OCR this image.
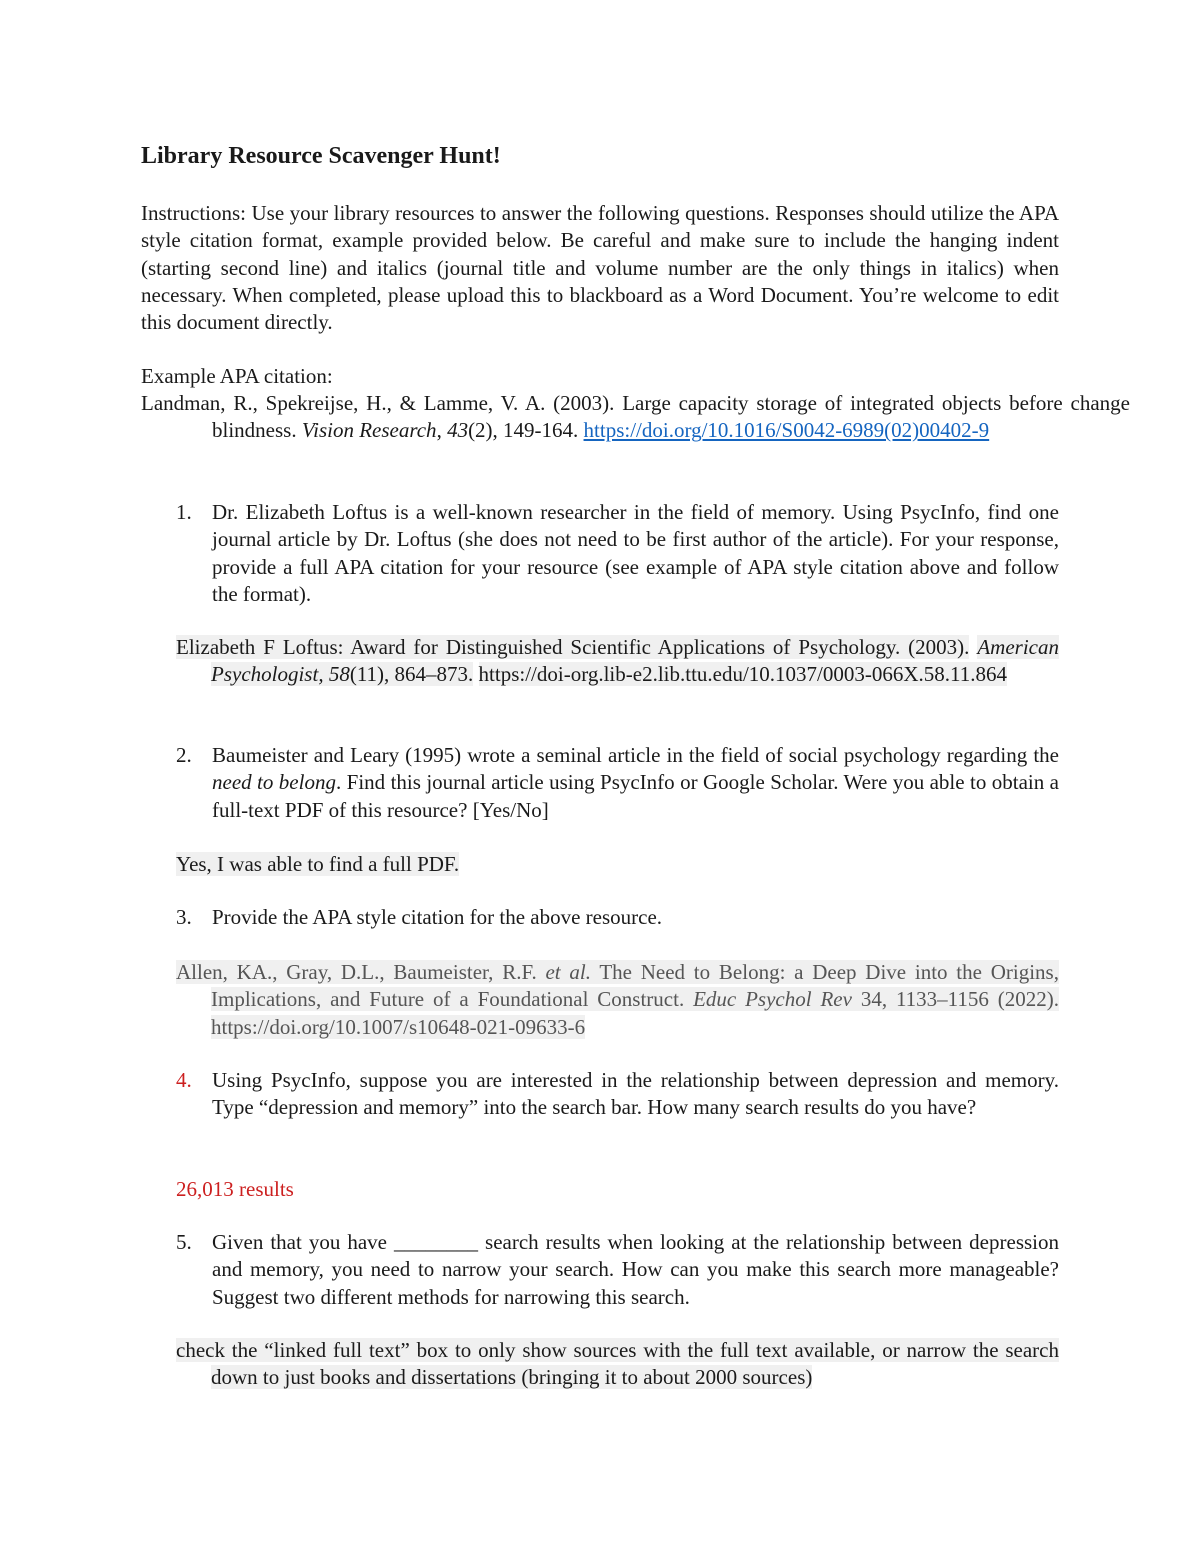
Library Resource Scavenger Hunt!
Instructions: Use your library resources to answer the following questions. Responses should utilize the APA style citation format, example provided below. Be careful and make sure to include the hanging indent (starting second line) and italics (journal title and volume number are the only things in italics) when necessary. When completed, please upload this to blackboard as a Word Document. You’re welcome to edit this document directly.
Example APA citation:
Landman, R., Spekreijse, H., & Lamme, V. A. (2003). Large capacity storage of integrated objects before change blindness. Vision Research, 43(2), 149-164. https://doi.org/10.1016/S0042-6989(02)00402-9
1. Dr. Elizabeth Loftus is a well-known researcher in the field of memory. Using PsycInfo, find one journal article by Dr. Loftus (she does not need to be first author of the article). For your response, provide a full APA citation for your resource (see example of APA style citation above and follow the format).
Elizabeth F Loftus: Award for Distinguished Scientific Applications of Psychology. (2003). American Psychologist, 58(11), 864–873. https://doi-org.lib-e2.lib.ttu.edu/10.1037/0003-066X.58.11.864
2. Baumeister and Leary (1995) wrote a seminal article in the field of social psychology regarding the need to belong. Find this journal article using PsycInfo or Google Scholar. Were you able to obtain a full-text PDF of this resource? [Yes/No]
Yes, I was able to find a full PDF.
3. Provide the APA style citation for the above resource.
Allen, KA., Gray, D.L., Baumeister, R.F. et al. The Need to Belong: a Deep Dive into the Origins, Implications, and Future of a Foundational Construct. Educ Psychol Rev 34, 1133–1156 (2022). https://doi.org/10.1007/s10648-021-09633-6
4. Using PsycInfo, suppose you are interested in the relationship between depression and memory. Type “depression and memory” into the search bar. How many search results do you have?
26,013 results
5. Given that you have ________ search results when looking at the relationship between depression and memory, you need to narrow your search. How can you make this search more manageable? Suggest two different methods for narrowing this search.
check the “linked full text” box to only show sources with the full text available, or narrow the search down to just books and dissertations (bringing it to about 2000 sources)
